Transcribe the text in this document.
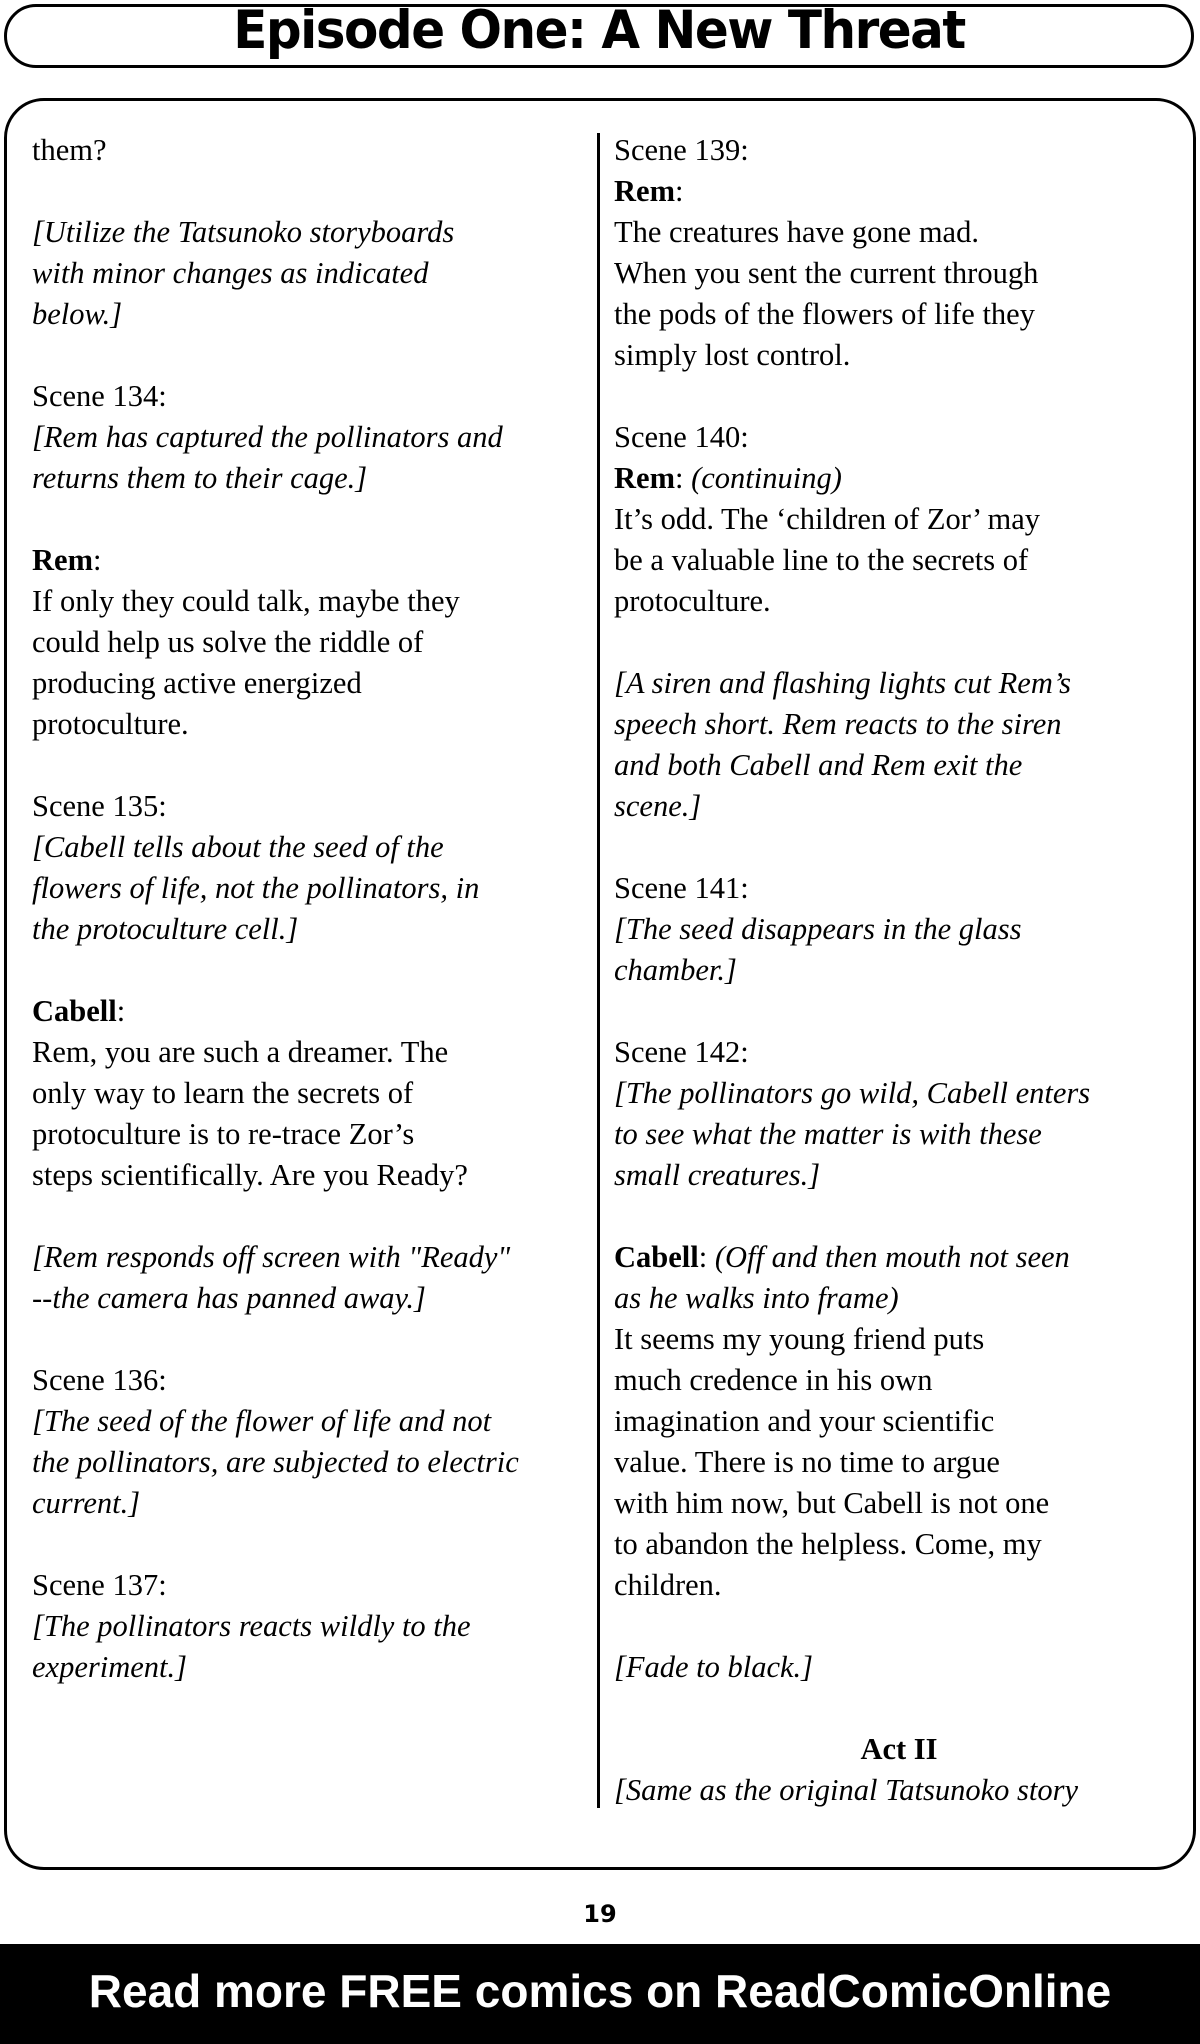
Episode One: A New Threat
them?
[Utilize the Tatsunoko storyboards
with minor changes as indicated
below.]
Scene 134:
[Rem has captured the pollinators and
returns them to their cage.]
Rem:
If only they could talk, maybe they
could help us solve the riddle of
producing active energized
protoculture.
Scene 135:
[Cabell tells about the seed of the
flowers of life, not the pollinators, in
the protoculture cell.]
Cabell:
Rem, you are such a dreamer. The
only way to learn the secrets of
protoculture is to re-trace Zor’s
steps scientifically. Are you Ready?
[Rem responds off screen with "Ready"
--the camera has panned away.]
Scene 136:
[The seed of the flower of life and not
the pollinators, are subjected to electric
current.]
Scene 137:
[The pollinators reacts wildly to the
experiment.]
Scene 139:
Rem:
The creatures have gone mad.
When you sent the current through
the pods of the flowers of life they
simply lost control.
Scene 140:
Rem: (continuing)
It’s odd. The ‘children of Zor’ may
be a valuable line to the secrets of
protoculture.
[A siren and flashing lights cut Rem’s
speech short. Rem reacts to the siren
and both Cabell and Rem exit the
scene.]
Scene 141:
[The seed disappears in the glass
chamber.]
Scene 142:
[The pollinators go wild, Cabell enters
to see what the matter is with these
small creatures.]
Cabell: (Off and then mouth not seen
as he walks into frame)
It seems my young friend puts
much credence in his own
imagination and your scientific
value. There is no time to argue
with him now, but Cabell is not one
to abandon the helpless. Come, my
children.
[Fade to black.]
Act II
[Same as the original Tatsunoko story
19
Read more FREE comics on ReadComicOnline
